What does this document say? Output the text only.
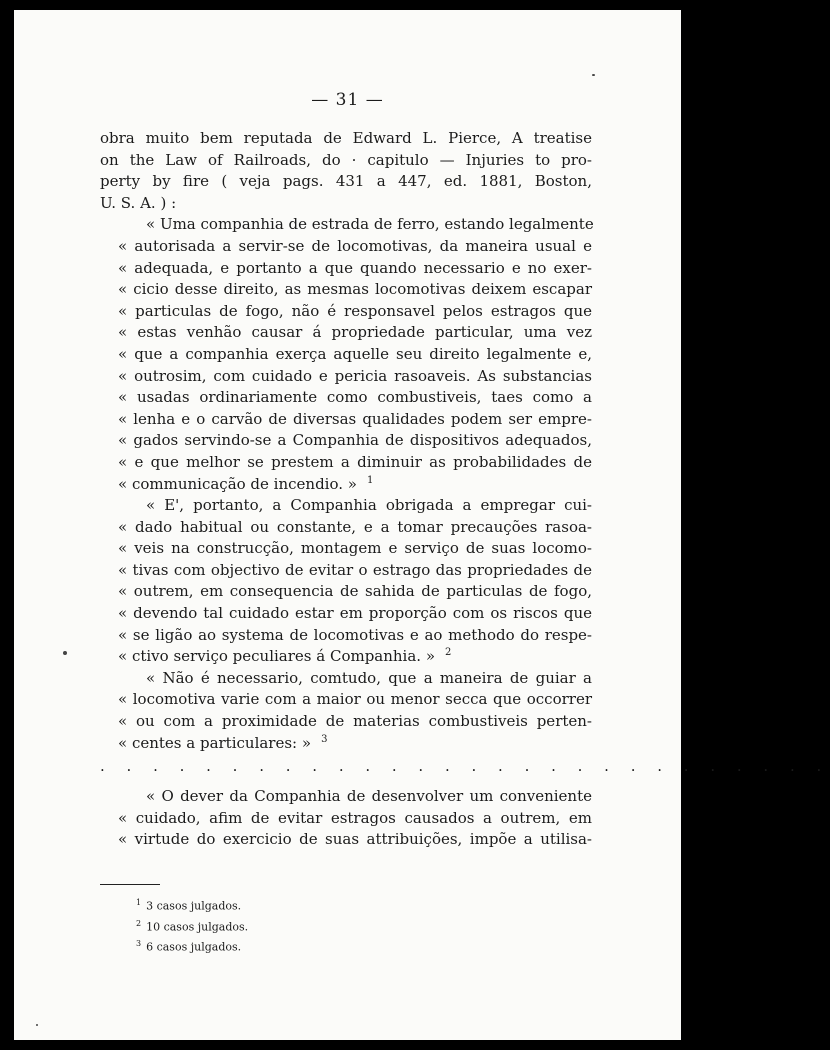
— 31 —
obra muito bem reputada de Edward L. Pierce, A treatise
on the Law of Railroads, do · capitulo — Injuries to pro-
perty by fire ( veja pags. 431 a 447, ed. 1881, Boston,
U. S. A. ) :
« Uma companhia de estrada de ferro, estando legalmente
« autorisada a servir-se de locomotivas, da maneira usual e
« adequada, e portanto a que quando necessario e no exer-
« cicio desse direito, as mesmas locomotivas deixem escapar
« particulas de fogo, não é responsavel pelos estragos que
« estas venhão causar á propriedade particular, uma vez
« que a companhia exerça aquelle seu direito legalmente e,
« outrosim, com cuidado e pericia rasoaveis. As substancias
« usadas ordinariamente como combustiveis, taes como a
« lenha e o carvão de diversas qualidades podem ser empre-
« gados servindo-se a Companhia de dispositivos adequados,
« e que melhor se prestem a diminuir as probabilidades de
« communicação de incendio. » $^1$
« E', portanto, a Companhia obrigada a empregar cui-
« dado habitual ou constante, e a tomar precauções rasoa-
« veis na construcção, montagem e serviço de suas locomo-
« tivas com objectivo de evitar o estrago das propriedades de
« outrem, em consequencia de sahida de particulas de fogo,
« devendo tal cuidado estar em proporção com os riscos que
« se ligão ao systema de locomotivas e ao methodo do respe-
« ctivo serviço peculiares á Companhia. » $^2$
« Não é necessario, comtudo, que a maneira de guiar a
« locomotiva varie com a maior ou menor secca que occorrer
« ou com a proximidade de materias combustiveis perten-
« centes a particulares: » $^3$
. . . . . . . . . . . . . . . . . . . . . . . . . . . .
« O dever da Companhia de desenvolver um conveniente
« cuidado, afim de evitar estragos causados a outrem, em
« virtude do exercicio de suas attribuições, impõe a utilisa-
$^1$ 3 casos julgados.
$^2$ 10 casos julgados.
$^3$ 6 casos julgados.
